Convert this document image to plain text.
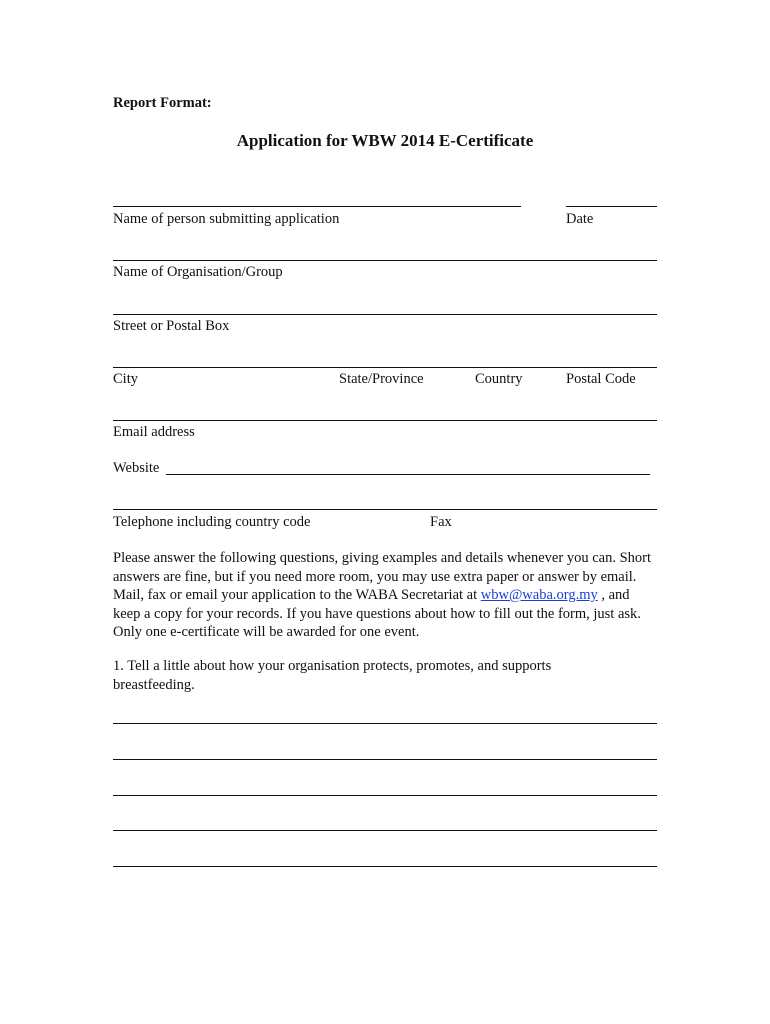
Report Format:
Application for WBW 2014 E-Certificate
Name of person submitting application	Date
Name of Organisation/Group
Street or Postal Box
City	State/Province	Country	Postal Code
Email address
Website
Telephone including country code	Fax
Please answer the following questions, giving examples and details whenever you can. Short answers are fine, but if you need more room, you may use extra paper or answer by email. Mail, fax or email your application to the WABA Secretariat at wbw@waba.org.my , and keep a copy for your records. If you have questions about how to fill out the form, just ask. Only one e-certificate will be awarded for one event.
1. Tell a little about how your organisation protects, promotes, and supports breastfeeding.
